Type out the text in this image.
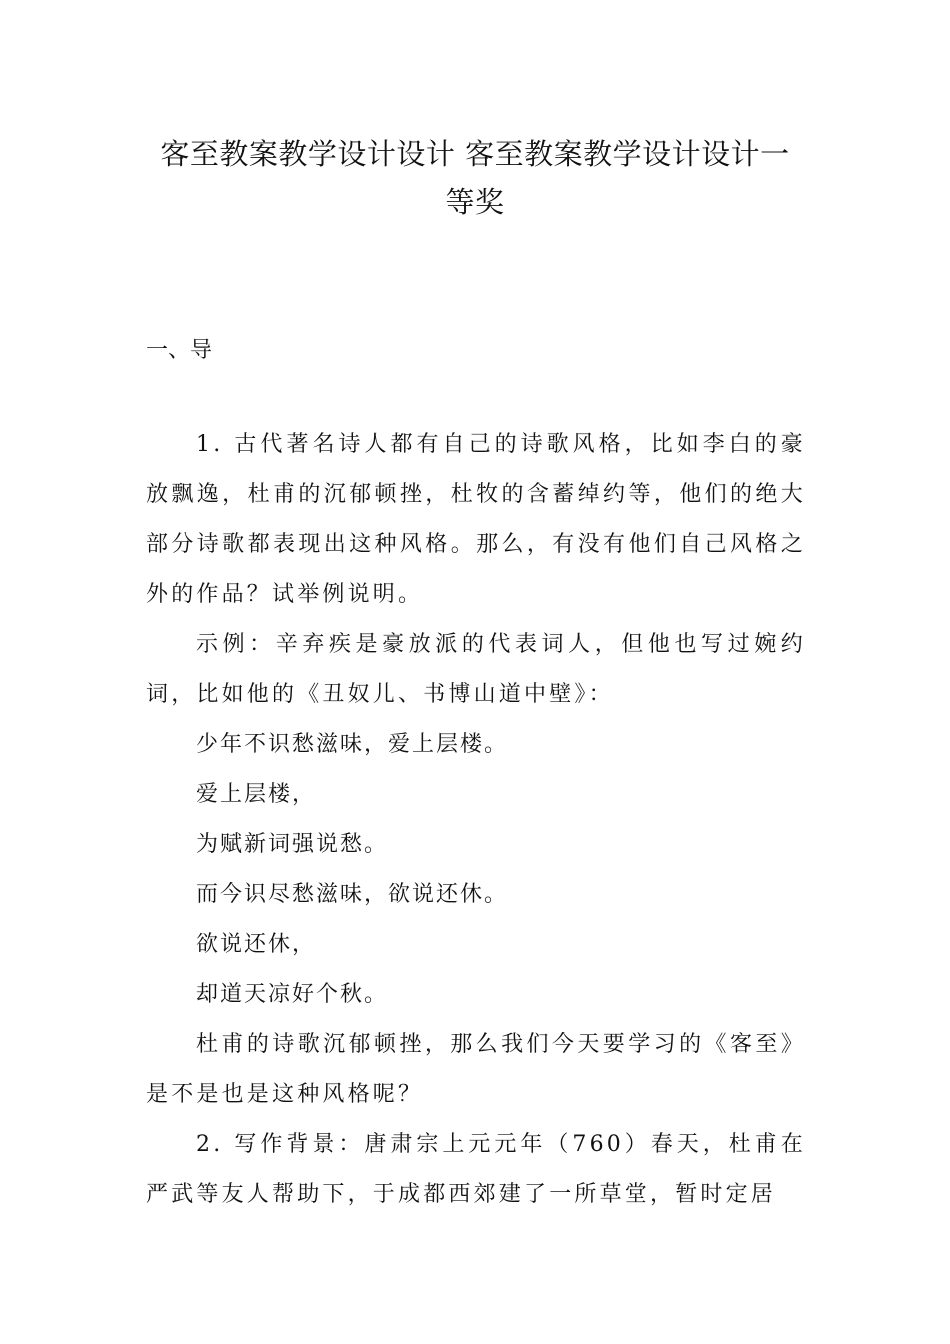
客至教案教学设计设计 客至教案教学设计设计一等奖

一、导

1. 古代著名诗人都有自己的诗歌风格，比如李白的豪放飘逸，杜甫的沉郁顿挫，杜牧的含蓄绰约等，他们的绝大部分诗歌都表现出这种风格。那么，有没有他们自己风格之外的作品？试举例说明。

示例：辛弃疾是豪放派的代表词人，但他也写过婉约词，比如他的《丑奴儿、书博山道中壁》：

少年不识愁滋味，爱上层楼。

爱上层楼，

为赋新词强说愁。

而今识尽愁滋味，欲说还休。

欲说还休，

却道天凉好个秋。

杜甫的诗歌沉郁顿挫，那么我们今天要学习的《客至》是不是也是这种风格呢？

2. 写作背景：唐肃宗上元元年（760）春天，杜甫在严武等友人帮助下，于成都西郊建了一所草堂，暂时定居
